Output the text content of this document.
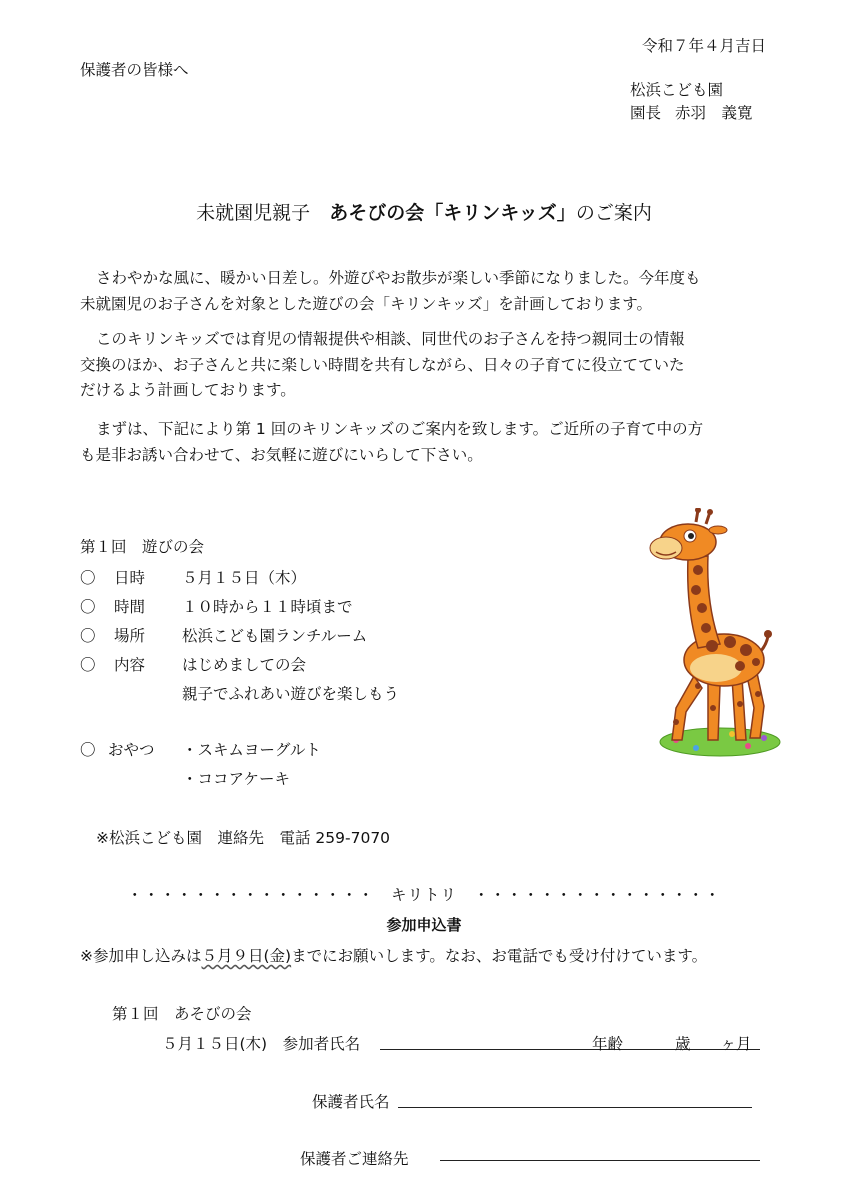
令和７年４月吉日
保護者の皆様へ
松浜こども園
園長 赤羽　義寛
未就園児親子　あそびの会「キリンキッズ」のご案内

さわやかな風に、暖かい日差し。外遊びやお散歩が楽しい季節になりました。今年度も
未就園児のお子さんを対象とした遊びの会「キリンキッズ」を計画しております。

このキリンキッズでは育児の情報提供や相談、同世代のお子さんを持つ親同士の情報
交換のほか、お子さんと共に楽しい時間を共有しながら、日々の子育てに役立てていた
だけるよう計画しております。

まずは、下記により第 1 回のキリンキッズのご案内を致します。ご近所の子育て中の方
も是非お誘い合わせて、お気軽に遊びにいらして下さい。

第１回　遊びの会
〇 日時 ５月１５日（木）
〇 時間 １０時から１１時頃まで
〇 場所 松浜こども園ランチルーム
〇 内容 はじめましての会
親子でふれあい遊びを楽しもう
〇 おやつ ・スキムヨーグルト
・ココアケーキ
※松浜こども園　連絡先　電話 259-7070
・・・・・・・・・・・・・・・　キリトリ　・・・・・・・・・・・・・・・
参加申込書
※参加申し込みは５月９日(金)までにお願いします。なお、お電話でも受け付けています。
第１回　あそびの会
５月１５日(木)　参加者氏名	年齢	歳 ヶ月
保護者氏名
保護者ご連絡先
